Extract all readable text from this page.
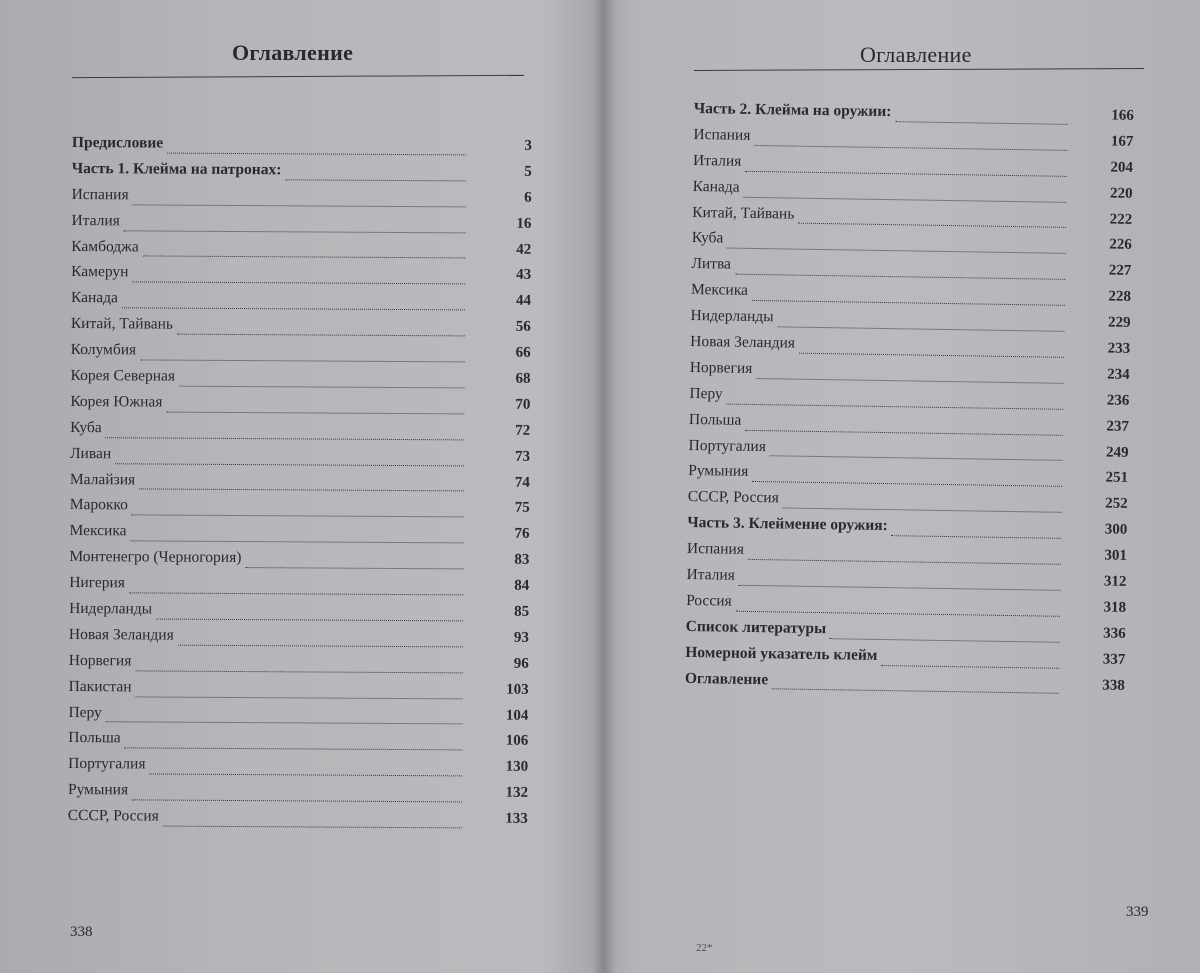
Оглавление
Предисловие	3
Часть 1. Клейма на патронах:	5
Испания	6
Италия	16
Камбоджа	42
Камерун	43
Канада	44
Китай, Тайвань	56
Колумбия	66
Корея Северная	68
Корея Южная	70
Куба	72
Ливан	73
Малайзия	74
Марокко	75
Мексика	76
Монтенегро (Черногория)	83
Нигерия	84
Нидерланды	85
Новая Зеландия	93
Норвегия	96
Пакистан	103
Перу	104
Польша	106
Португалия	130
Румыния	132
СССР, Россия	133
338
Оглавление
Часть 2. Клейма на оружии:	166
Испания	167
Италия	204
Канада	220
Китай, Тайвань	222
Куба	226
Литва	227
Мексика	228
Нидерланды	229
Новая Зеландия	233
Норвегия	234
Перу	236
Польша	237
Португалия	249
Румыния	251
СССР, Россия	252
Часть 3. Клеймение оружия:	300
Испания	301
Италия	312
Россия	318
Список литературы	336
Номерной указатель клейм	337
Оглавление	338
339
22*
